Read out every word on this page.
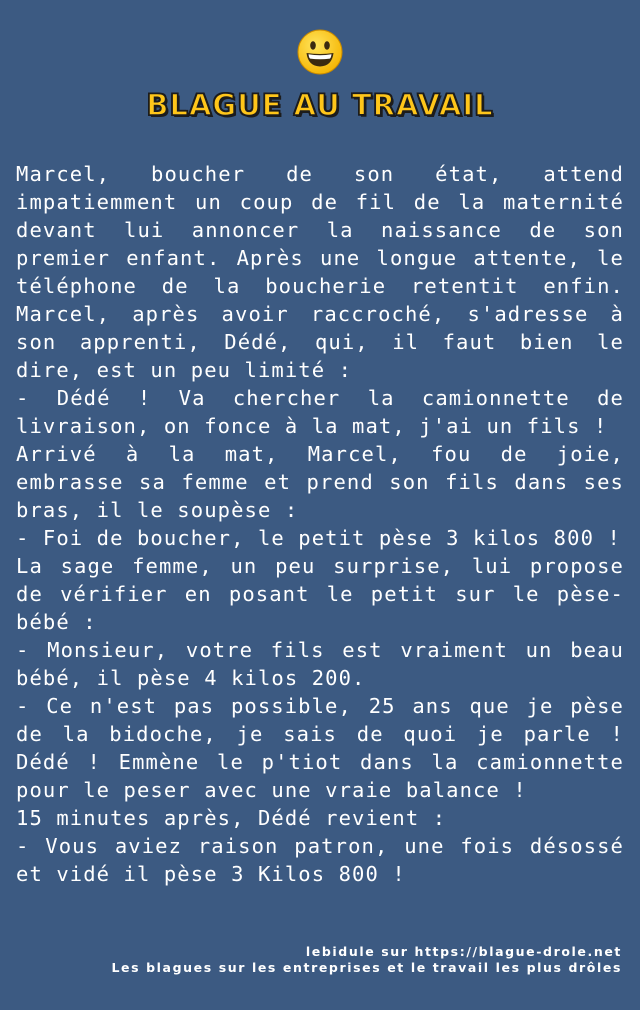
BLAGUE AU TRAVAIL

Marcel, boucher de son état, attend impatiemment un coup de fil de la maternité devant lui annoncer la naissance de son premier enfant. Après une longue attente, le téléphone de la boucherie retentit enfin. Marcel, après avoir raccroché, s'adresse à son apprenti, Dédé, qui, il faut bien le dire, est un peu limité :

- Dédé ! Va chercher la camionnette de livraison, on fonce à la mat, j'ai un fils !

Arrivé à la mat, Marcel, fou de joie, embrasse sa femme et prend son fils dans ses bras, il le soupèse :

- Foi de boucher, le petit pèse 3 kilos 800 !

La sage femme, un peu surprise, lui propose de vérifier en posant le petit sur le pèse-bébé :

- Monsieur, votre fils est vraiment un beau bébé, il pèse 4 kilos 200.

- Ce n'est pas possible, 25 ans que je pèse de la bidoche, je sais de quoi je parle ! Dédé ! Emmène le p'tiot dans la camionnette pour le peser avec une vraie balance !

15 minutes après, Dédé revient :

- Vous aviez raison patron, une fois désossé et vidé il pèse 3 Kilos 800 !

lebidule sur https://blague-drole.net
Les blagues sur les entreprises et le travail les plus drôles
